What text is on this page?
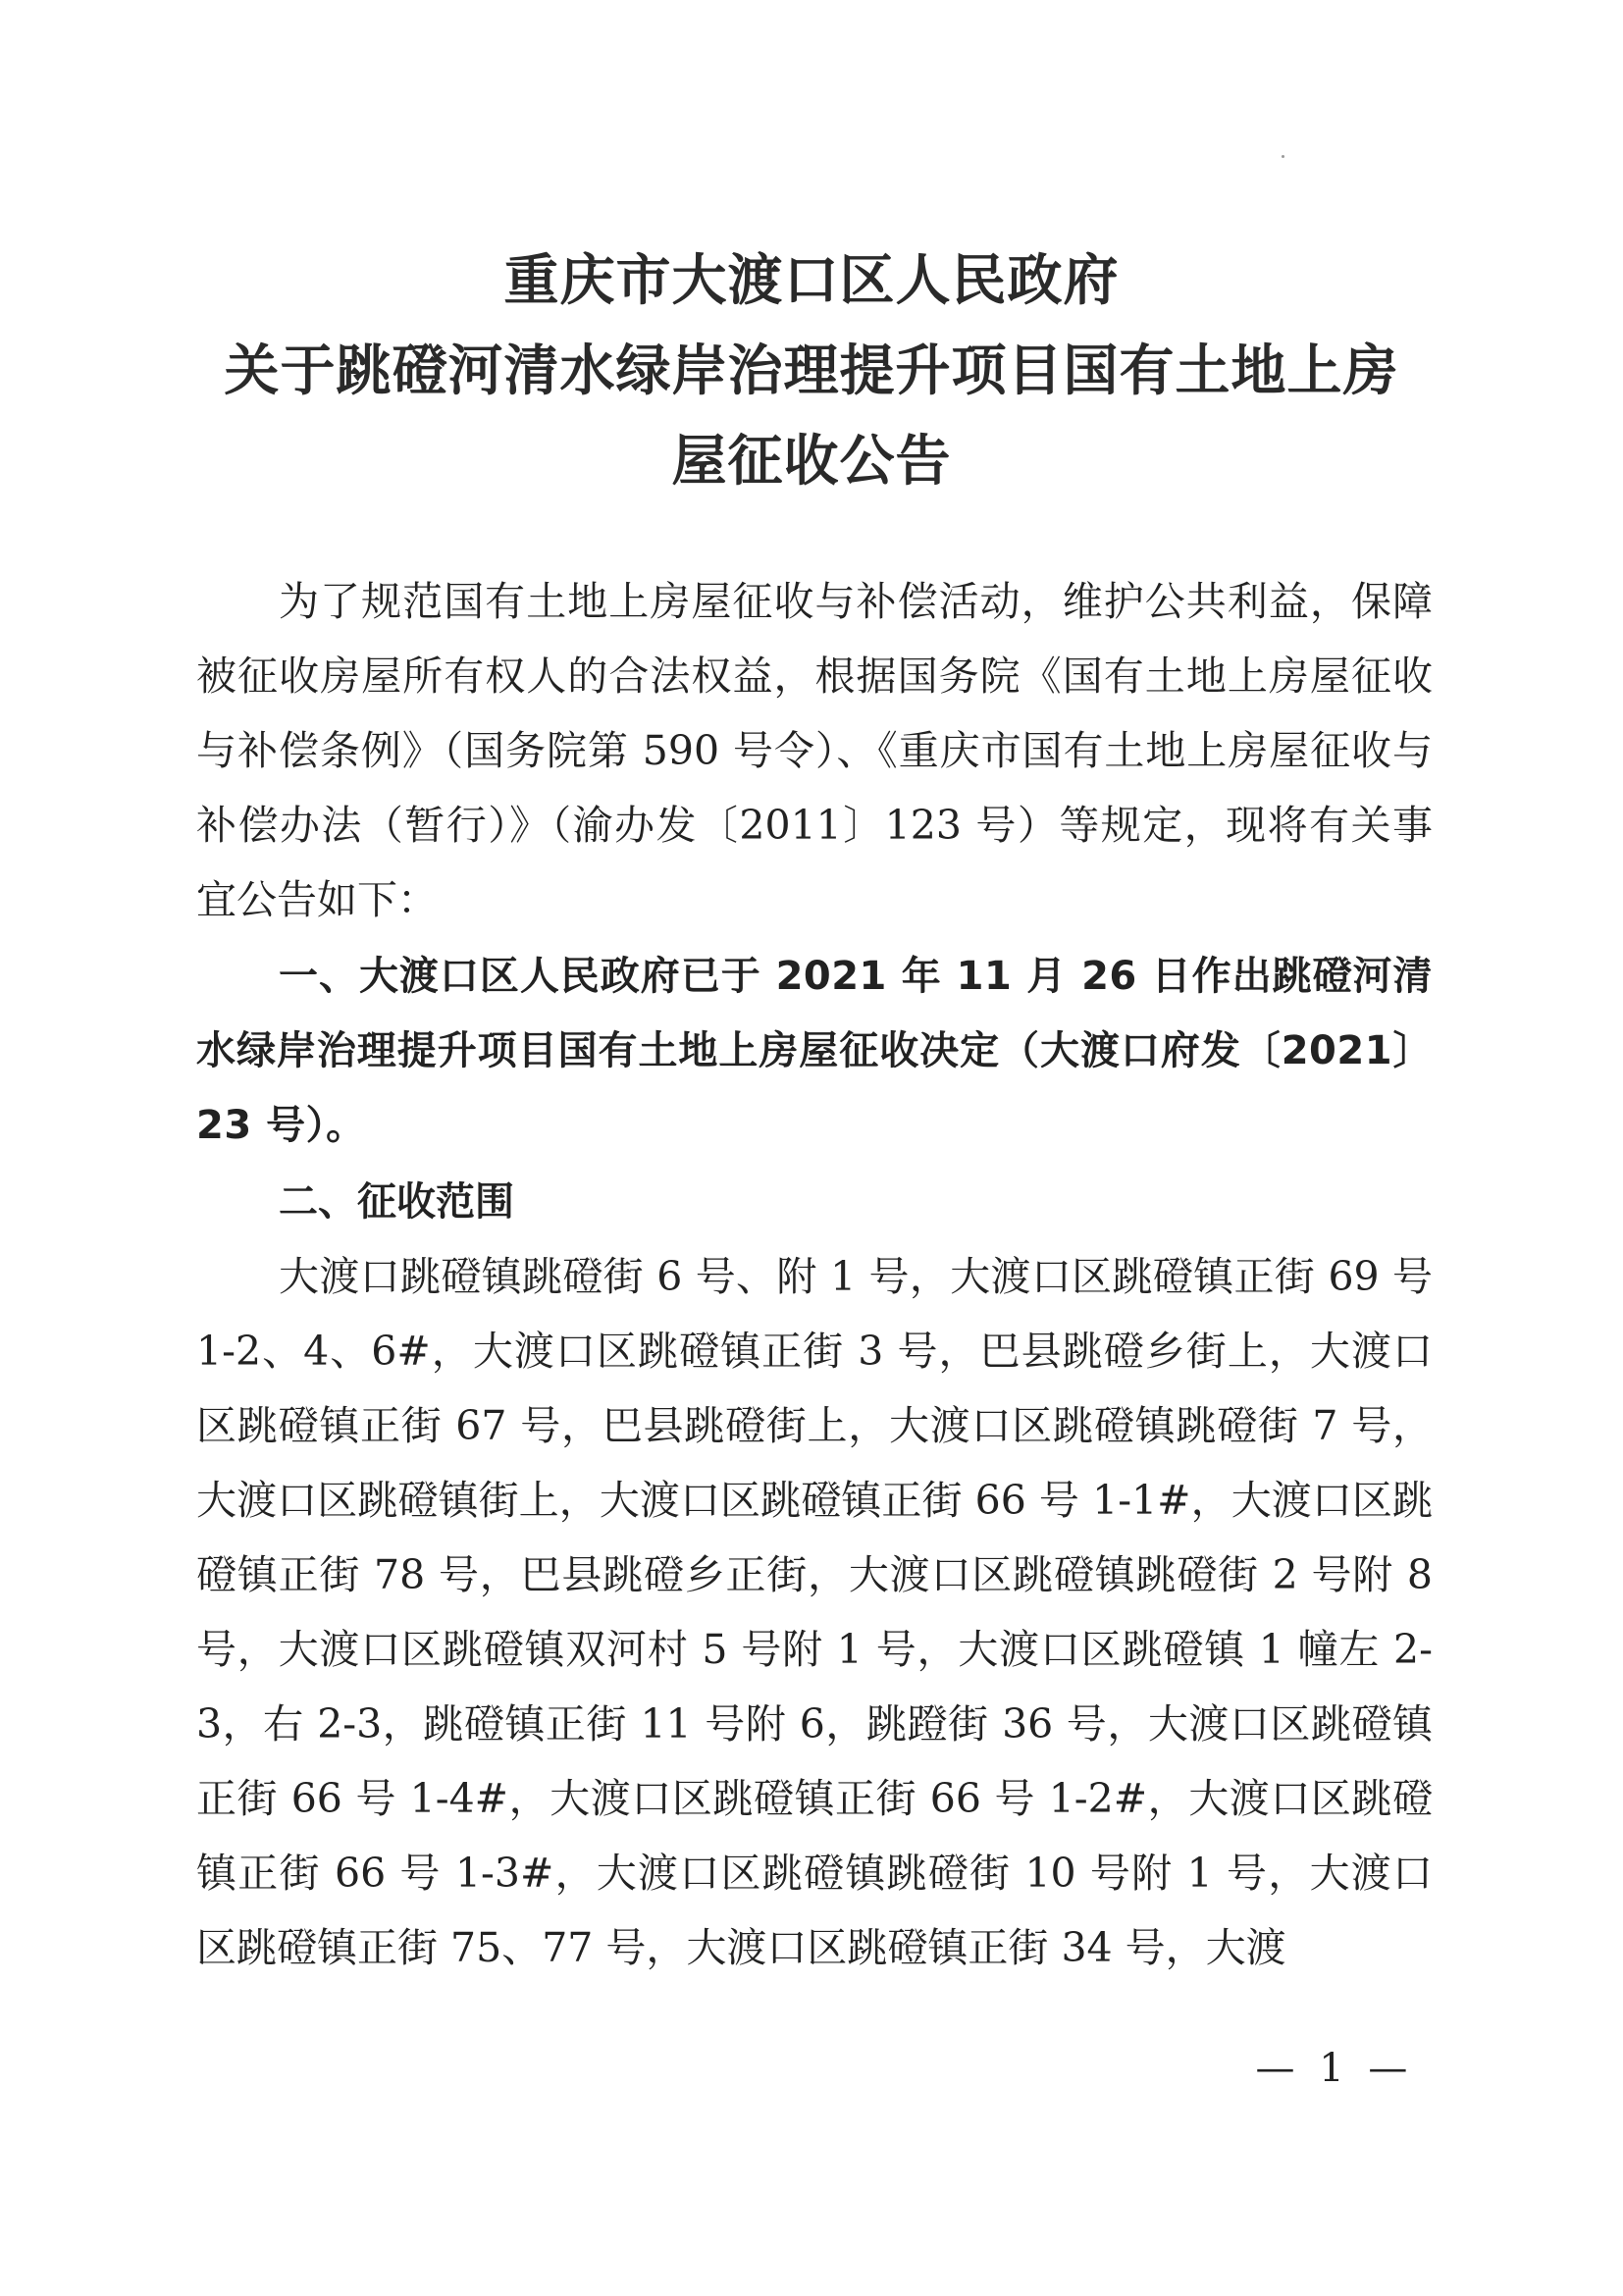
重庆市大渡口区人民政府
关于跳磴河清水绿岸治理提升项目国有土地上房
屋征收公告

为了规范国有土地上房屋征收与补偿活动，维护公共利益，保障被征收房屋所有权人的合法权益，根据国务院《国有土地上房屋征收与补偿条例》（国务院第 590 号令）、《重庆市国有土地上房屋征收与补偿办法（暂行）》（渝办发〔2011〕123 号）等规定，现将有关事宜公告如下：

一、大渡口区人民政府已于 2021 年 11 月 26 日作出跳磴河清水绿岸治理提升项目国有土地上房屋征收决定（大渡口府发〔2021〕23 号）。

二、征收范围

大渡口跳磴镇跳磴街 6 号、附 1 号，大渡口区跳磴镇正街 69 号 1-2、4、6#，大渡口区跳磴镇正街 3 号，巴县跳磴乡街上，大渡口区跳磴镇正街 67 号，巴县跳磴街上，大渡口区跳磴镇跳磴街 7 号，大渡口区跳磴镇街上，大渡口区跳磴镇正街 66 号 1-1#，大渡口区跳磴镇正街 78 号，巴县跳磴乡正街，大渡口区跳磴镇跳磴街 2 号附 8 号，大渡口区跳磴镇双河村 5 号附 1 号，大渡口区跳磴镇 1 幢左 2-3，右 2-3，跳磴镇正街 11 号附 6，跳蹬街 36 号，大渡口区跳磴镇正街 66 号 1-4#，大渡口区跳磴镇正街 66 号 1-2#，大渡口区跳磴镇正街 66 号 1-3#，大渡口区跳磴镇跳磴街 10 号附 1 号，大渡口区跳磴镇正街 75、77 号，大渡口区跳磴镇正街 34 号，大渡

— 1 —
